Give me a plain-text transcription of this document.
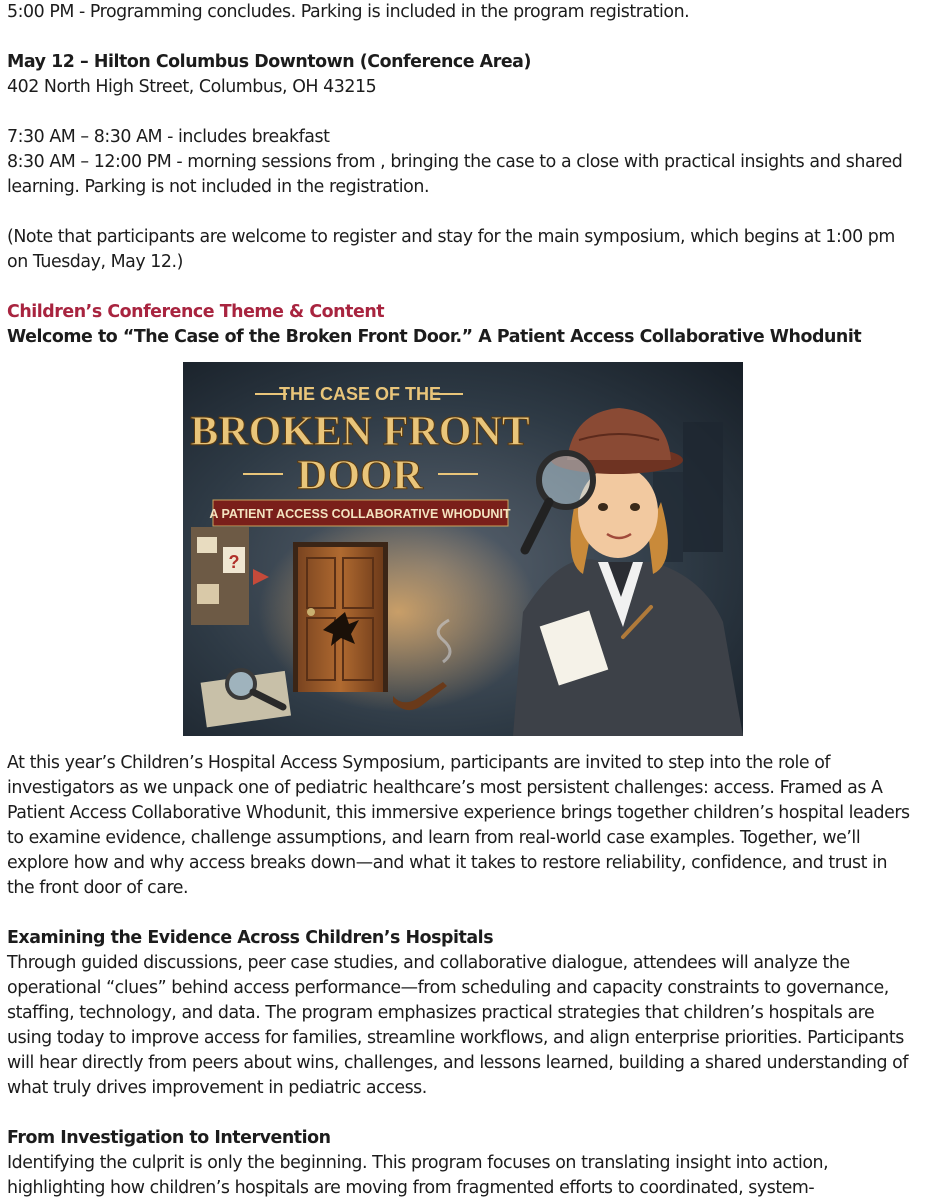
5:00 PM - Programming concludes. Parking is included in the program registration.

May 12 – Hilton Columbus Downtown (Conference Area)

402 North High Street, Columbus, OH 43215

7:30 AM – 8:30 AM - includes breakfast

8:30 AM – 12:00 PM - morning sessions from , bringing the case to a close with practical insights and shared learning. Parking is not included in the registration.

(Note that participants are welcome to register and stay for the main symposium, which begins at 1:00 pm on Tuesday, May 12.)

Children’s Conference Theme & Content
Welcome to “The Case of the Broken Front Door.” A Patient Access Collaborative Whodunit
THE CASE OF THE
BROKEN FRONT
DOOR
A PATIENT ACCESS COLLABORATIVE WHODUNIT
?

At this year’s Children’s Hospital Access Symposium, participants are invited to step into the role of investigators as we unpack one of pediatric healthcare’s most persistent challenges: access. Framed as A Patient Access Collaborative Whodunit, this immersive experience brings together children’s hospital leaders to examine evidence, challenge assumptions, and learn from real-world case examples. Together, we’ll explore how and why access breaks down—and what it takes to restore reliability, confidence, and trust in the front door of care.

Examining the Evidence Across Children’s Hospitals

Through guided discussions, peer case studies, and collaborative dialogue, attendees will analyze the operational “clues” behind access performance—from scheduling and capacity constraints to governance, staffing, technology, and data. The program emphasizes practical strategies that children’s hospitals are using today to improve access for families, streamline workflows, and align enterprise priorities. Participants will hear directly from peers about wins, challenges, and lessons learned, building a shared understanding of what truly drives improvement in pediatric access.

From Investigation to Intervention

Identifying the culprit is only the beginning. This program focuses on translating insight into action, highlighting how children’s hospitals are moving from fragmented efforts to coordinated, system-
